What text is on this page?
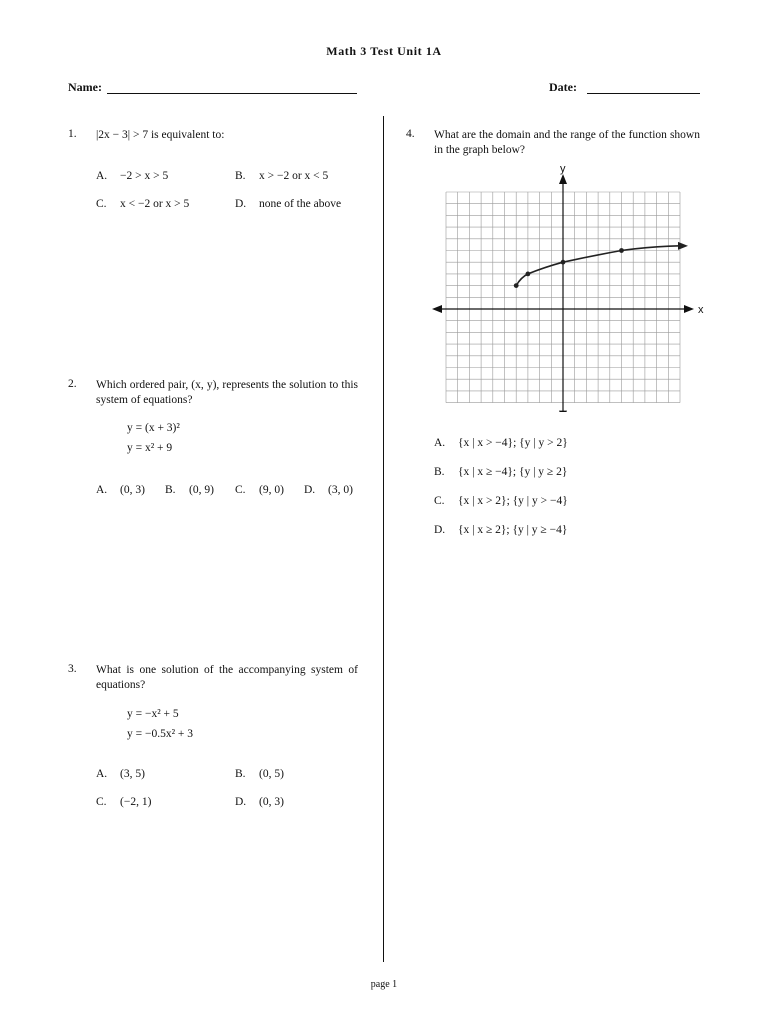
Math 3 Test Unit 1A
Name:	Date:
1. |2x − 3| > 7 is equivalent to:
A. −2 > x > 5	B. x > −2 or x < 5
C. x < −2 or x > 5	D. none of the above
2. Which ordered pair, (x, y), represents the solution to this system of equations?
y = (x + 3)²
y = x² + 9
A. (0, 3) B. (0, 9) C. (9, 0) D. (3, 0)
3. What is one solution of the accompanying system of equations?
y = −x² + 5
y = −0.5x² + 3
A. (3, 5)	B. (0, 5)
C. (−2, 1)	D. (0, 3)
4. What are the domain and the range of the function shown in the graph below?
x
y
A. {x | x > −4}; {y | y > 2}
B. {x | x ≥ −4}; {y | y ≥ 2}
C. {x | x > 2}; {y | y > −4}
D. {x | x ≥ 2}; {y | y ≥ −4}
page 1
